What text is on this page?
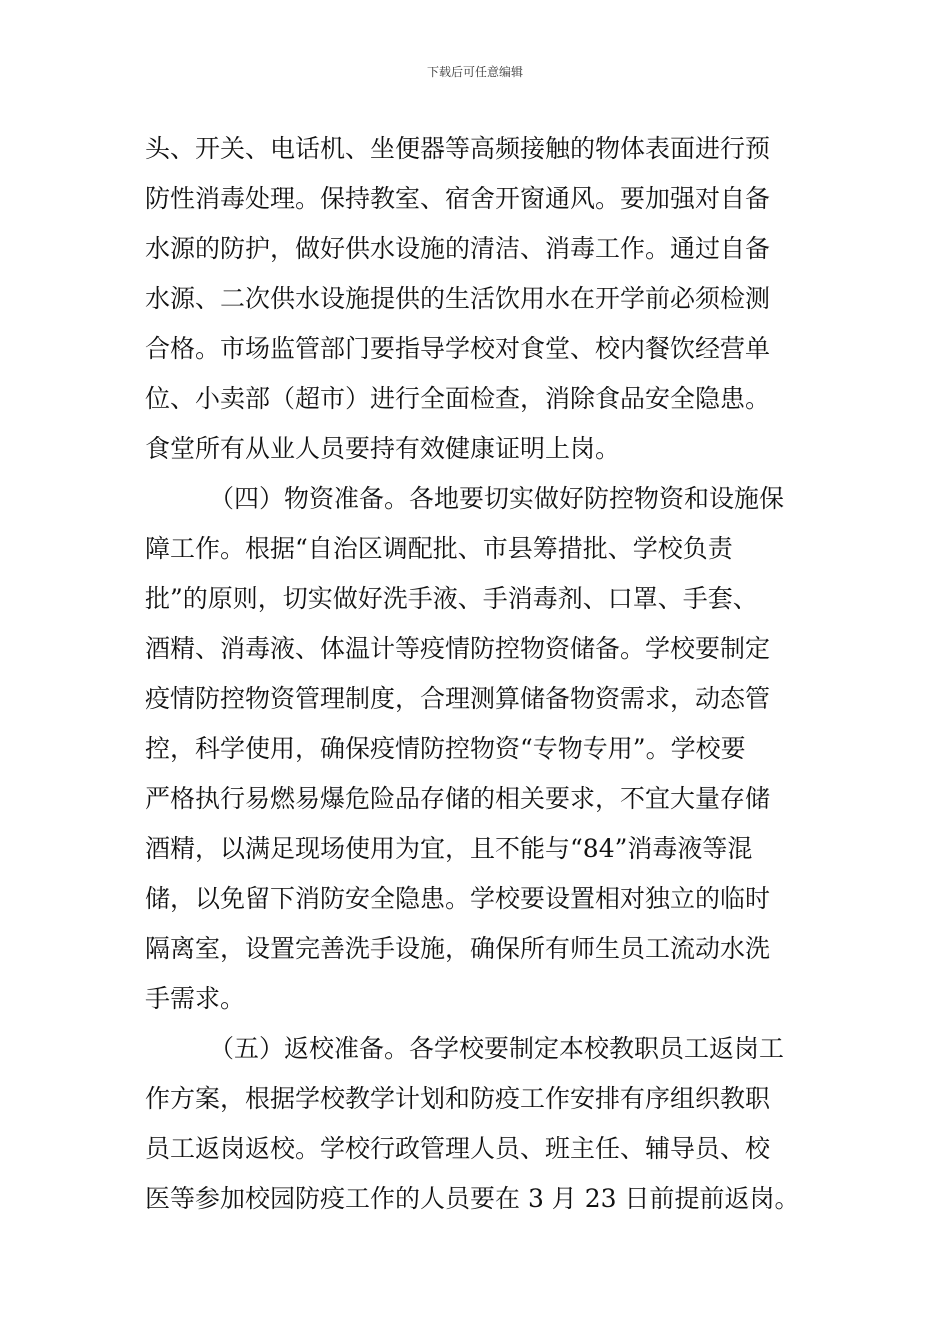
下载后可任意编辑
头、开关、电话机、坐便器等高频接触的物体表面进行预
防性消毒处理。保持教室、宿舍开窗通风。要加强对自备
水源的防护，做好供水设施的清洁、消毒工作。通过自备
水源、二次供水设施提供的生活饮用水在开学前必须检测
合格。市场监管部门要指导学校对食堂、校内餐饮经营单
位、小卖部（超市）进行全面检查，消除食品安全隐患。
食堂所有从业人员要持有效健康证明上岗。
（四）物资准备。各地要切实做好防控物资和设施保
障工作。根据“自治区调配批、市县筹措批、学校负责
批”的原则，切实做好洗手液、手消毒剂、口罩、手套、
酒精、消毒液、体温计等疫情防控物资储备。学校要制定
疫情防控物资管理制度，合理测算储备物资需求，动态管
控，科学使用，确保疫情防控物资“专物专用”。学校要
严格执行易燃易爆危险品存储的相关要求，不宜大量存储
酒精，以满足现场使用为宜，且不能与“84”消毒液等混
储，以免留下消防安全隐患。学校要设置相对独立的临时
隔离室，设置完善洗手设施，确保所有师生员工流动水洗
手需求。
（五）返校准备。各学校要制定本校教职员工返岗工
作方案，根据学校教学计划和防疫工作安排有序组织教职
员工返岗返校。学校行政管理人员、班主任、辅导员、校
医等参加校园防疫工作的人员要在 3 月 23 日前提前返岗。
